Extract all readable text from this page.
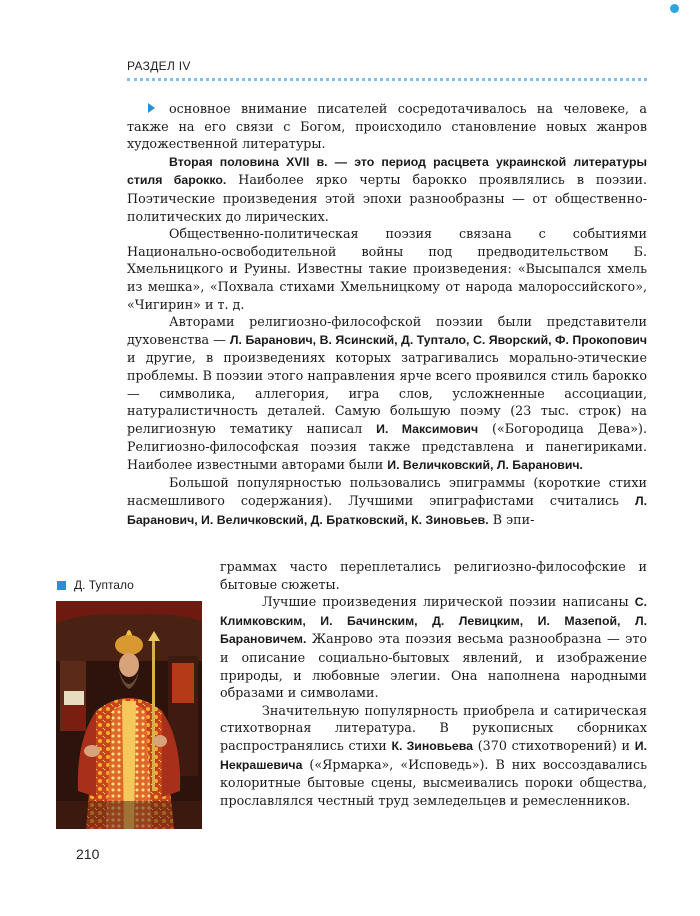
РАЗДЕЛ IV

основное внимание писателей сосредотачивалось на человеке, а также на его связи с Богом, происходило становление новых жанров художественной литературы.

Вторая половина XVII в. — это период расцвета украинской литературы стиля барокко. Наиболее ярко черты барокко проявлялись в поэзии. Поэтические произведения этой эпохи разнообразны — от общественно-политических до лирических.

Общественно-политическая поэзия связана с событиями Национально-освободительной войны под предводительством Б. Хмельницкого и Руины. Известны такие произведения: «Высыпался хмель из мешка», «Похвала стихами Хмельницкому от народа малороссийского», «Чигирин» и т. д.

Авторами религиозно-философской поэзии были представители духовенства — Л. Баранович, В. Ясинский, Д. Туптало, С. Яворский, Ф. Прокопович и другие, в произведениях которых затрагивались морально-этические проблемы. В поэзии этого направления ярче всего проявился стиль барокко — символика, аллегория, игра слов, усложненные ассоциации, натуралистичность деталей. Самую большую поэму (23 тыс. строк) на религиозную тематику написал И. Максимович («Богородица Дева»). Религиозно-философская поэзия также представлена и панегириками. Наиболее известными авторами были И. Величковский, Л. Баранович.

Большой популярностью пользовались эпиграммы (короткие стихи насмешливого содержания). Лучшими эпиграфистами считались Л. Баранович, И. Величковский, Д. Братковский, К. Зиновьев. В эпи-

граммах часто переплетались религиозно-философские и бытовые сюжеты.

Лучшие произведения лирической поэзии написаны С. Климковским, И. Бачинским, Д. Левицким, И. Мазепой, Л. Барановичем. Жанрово эта поэзия весьма разнообразна — это и описание социально-бытовых явлений, и изображение природы, и любовные элегии. Она наполнена народными образами и символами.

Значительную популярность приобрела и сатирическая стихотворная литература. В рукописных сборниках распространялись стихи К. Зиновьева (370 стихотворений) и И. Некрашевича («Ярмарка», «Исповедь»). В них воссоздавались колоритные бытовые сцены, высмеивались пороки общества, прославлялся честный труд земледельцев и ремесленников.

Д. Туптало
210
